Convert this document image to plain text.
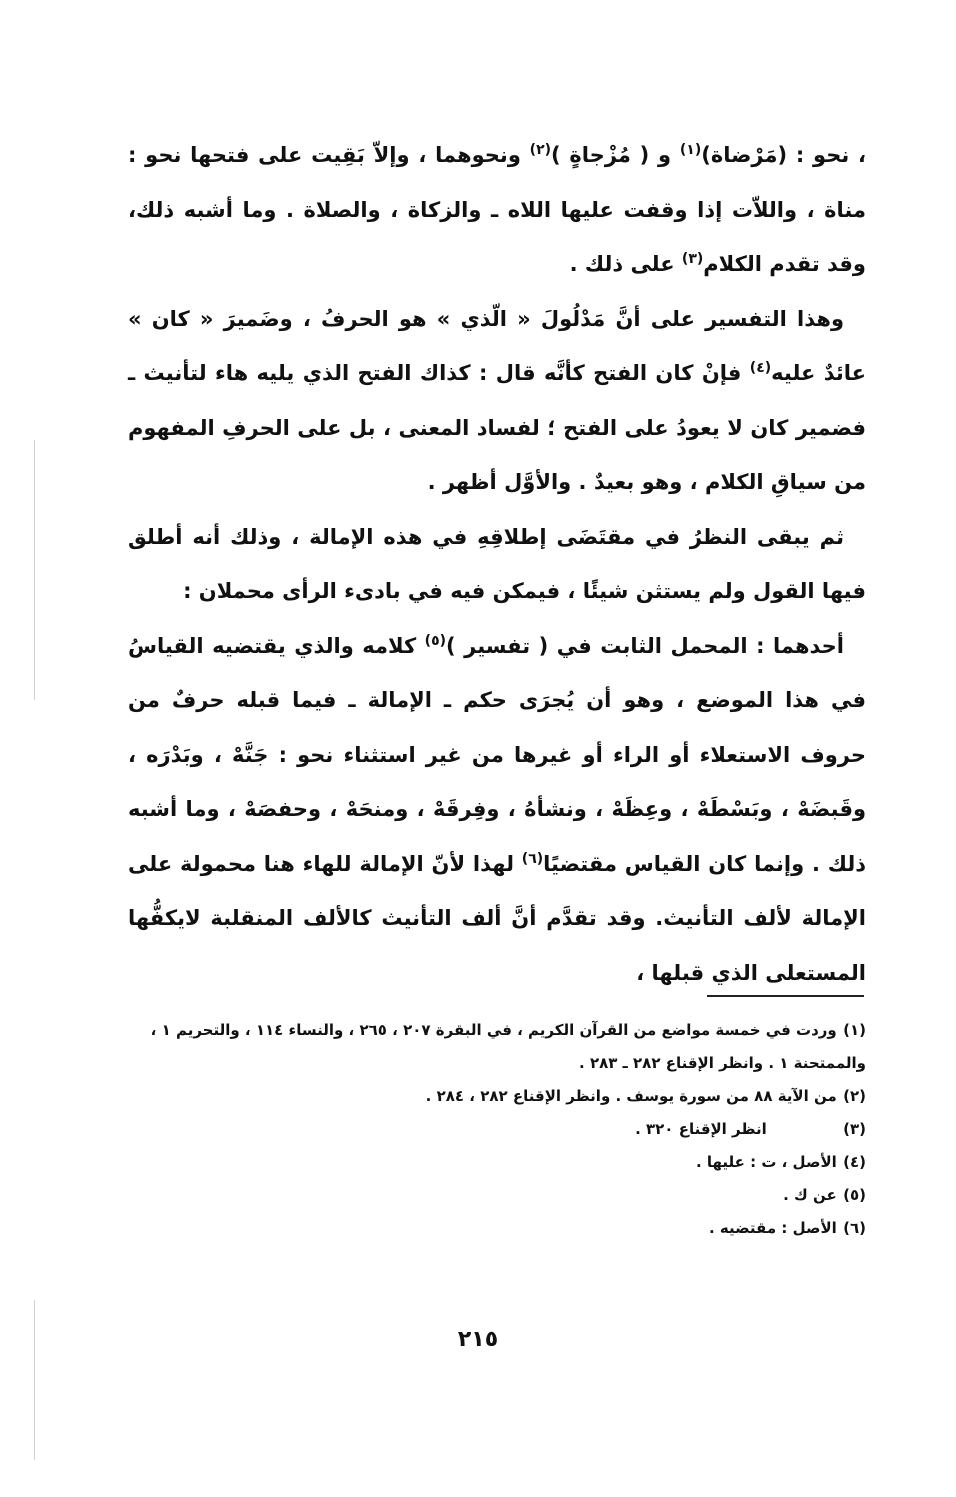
، نحو : (مَرْضاة)$^{(١)}$ و ( مُزْجاةٍ )$^{(٢)}$ ونحوهما ، وإلاّ بَقِيت على فتحها نحو : مناة ، واللاّت إذا وقفت عليها اللاه ـ والزكاة ، والصلاة . وما أشبه ذلك، وقد تقدم الكلام$^{(٣)}$ على ذلك .

وهذا التفسير على أنَّ مَدْلُولَ « الّذي » هو الحرفُ ، وضَميرَ « كان » عائدٌ عليه$^{(٤)}$ فإنْ كان الفتح كأنَّه قال : كذاك الفتح الذي يليه هاء لتأنيث ـ فضمير كان لا يعودُ على الفتح ؛ لفساد المعنى ، بل على الحرفِ المفهوم من سياقِ الكلام ، وهو بعيدٌ . والأوَّل أظهر .

ثم يبقى النظرُ في مقتَضَى إطلاقِهِ في هذه الإمالة ، وذلك أنه أطلق فيها القول ولم يستثن شيئًا ، فيمكن فيه في بادىء الرأى محملان :

أحدهما : المحمل الثابت في ( تفسير )$^{(٥)}$ كلامه والذي يقتضيه القياسُ في هذا الموضع ، وهو أن يُجرَى حكم ـ الإمالة ـ فيما قبله حرفٌ من حروف الاستعلاء أو الراء أو غيرها من غير استثناء نحو : جَنَّهْ ، وبَدْرَه ، وقَبضَهْ ، وبَسْطَهْ ، وعِظَهْ ، ونشأهُ ، وفِرقَهْ ، ومنحَهْ ، وحفصَهْ ، وما أشبه ذلك . وإنما كان القياس مقتضيًا$^{(٦)}$ لهذا لأنّ الإمالة للهاء هنا محمولة على الإمالة لألف التأنيث. وقد تقدَّم أنَّ ألف التأنيث كالألف المنقلبة لايكفُّها المستعلى الذي قبلها ،

(١) وردت في خمسة مواضع من القرآن الكريم ، في البقرة ٢٠٧ ، ٢٦٥ ، والنساء ١١٤ ، والتحريم ١ ، والممتحنة ١ . وانظر الإقناع ٢٨٢ ـ ٢٨٣ .
(٢) من الآية ٨٨ من سورة يوسف . وانظر الإقناع ٢٨٢ ، ٢٨٤ .
(٣) انظر الإقناع ٣٢٠ .
(٤) الأصل ، ت : عليها .
(٥) عن ك .
(٦) الأصل : مقتضيه .
٢١٥
